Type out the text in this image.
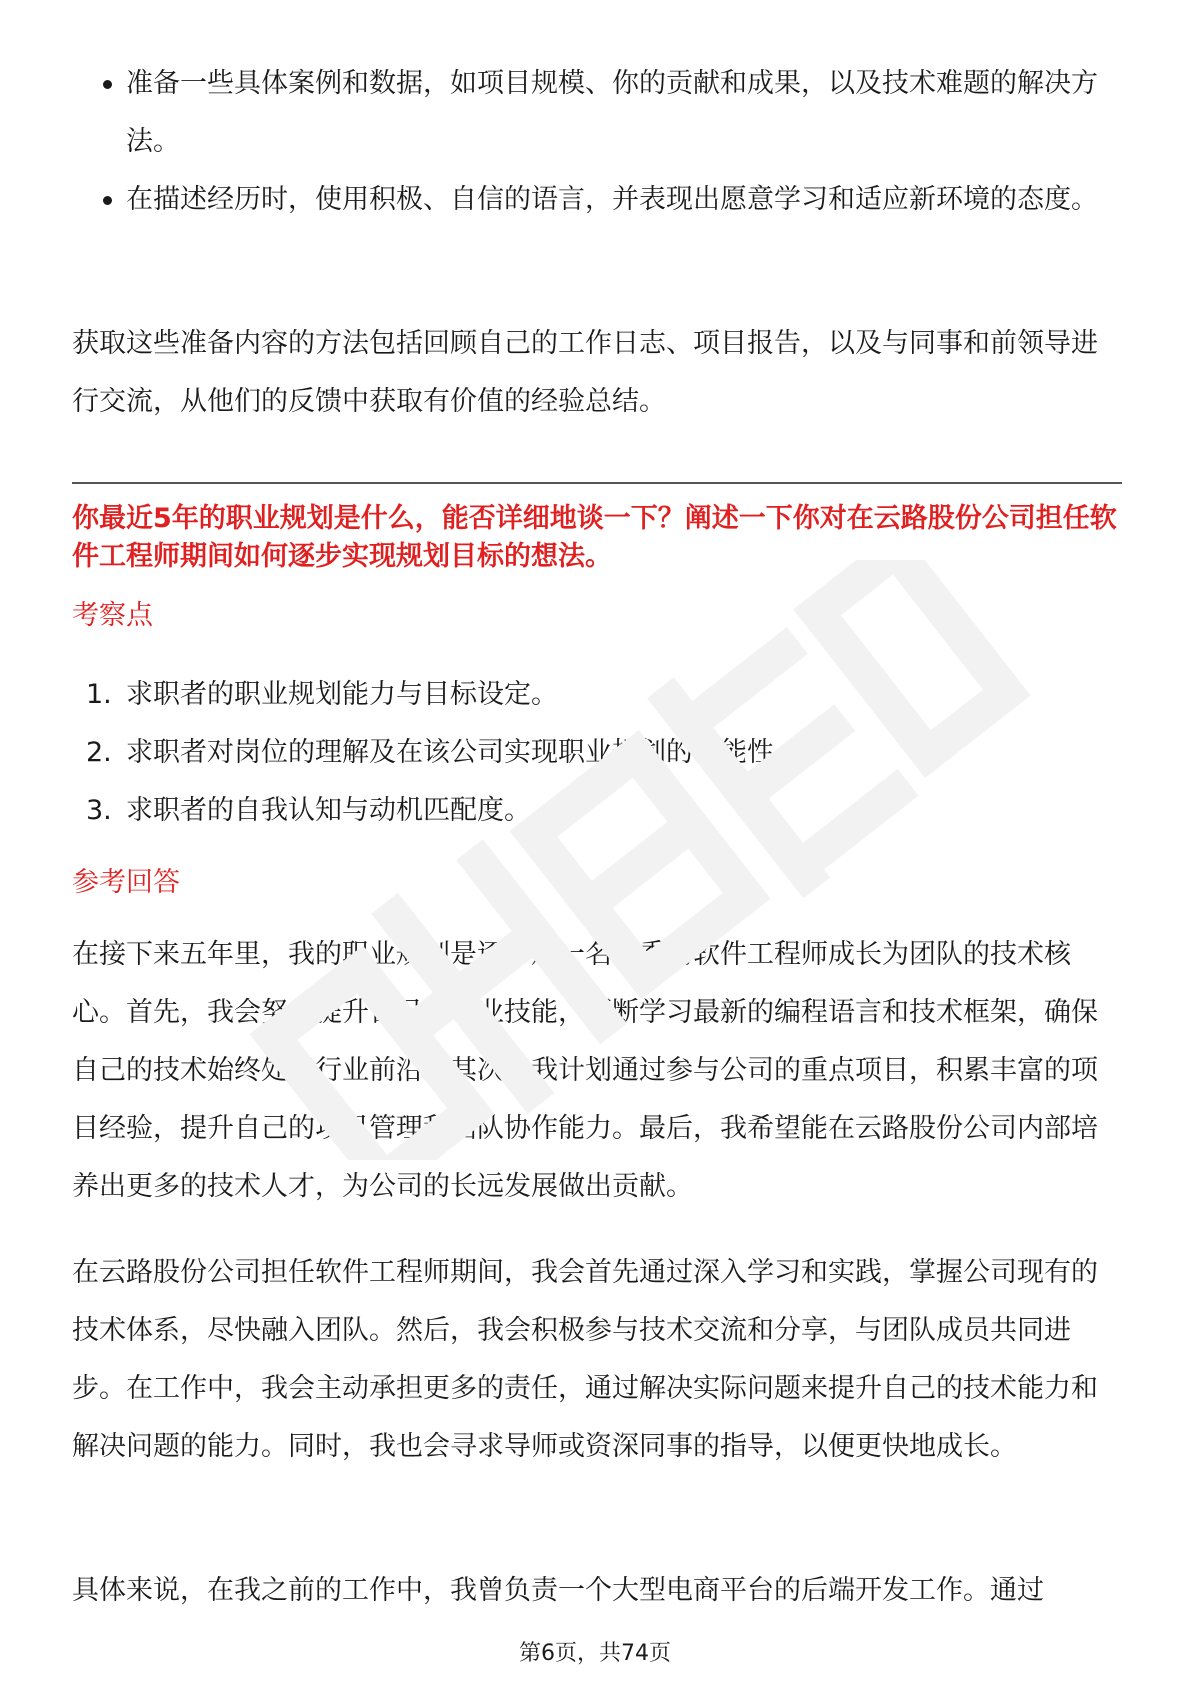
准备一些具体案例和数据，如项目规模、你的贡献和成果，以及技术难题的解决方法。
在描述经历时，使用积极、自信的语言，并表现出愿意学习和适应新环境的态度。

获取这些准备内容的方法包括回顾自己的工作日志、项目报告，以及与同事和前领导进行交流，从他们的反馈中获取有价值的经验总结。

你最近5年的职业规划是什么，能否详细地谈一下？阐述一下你对在云路股份公司担任软件工程师期间如何逐步实现规划目标的想法。

考察点
1. 求职者的职业规划能力与目标设定。
2. 求职者对岗位的理解及在该公司实现职业规划的可能性。
3. 求职者的自我认知与动机匹配度。
参考回答

在接下来五年里，我的职业规划是逐步从一名优秀的软件工程师成长为团队的技术核心。首先，我会努力提升自己的专业技能，不断学习最新的编程语言和技术框架，确保自己的技术始终处于行业前沿。其次，我计划通过参与公司的重点项目，积累丰富的项目经验，提升自己的项目管理和团队协作能力。最后，我希望能在云路股份公司内部培养出更多的技术人才，为公司的长远发展做出贡献。

在云路股份公司担任软件工程师期间，我会首先通过深入学习和实践，掌握公司现有的技术体系，尽快融入团队。然后，我会积极参与技术交流和分享，与团队成员共同进步。在工作中，我会主动承担更多的责任，通过解决实际问题来提升自己的技术能力和解决问题的能力。同时，我也会寻求导师或资深同事的指导，以便更快地成长。

具体来说，在我之前的工作中，我曾负责一个大型电商平台的后端开发工作。通过

第6页，共74页
